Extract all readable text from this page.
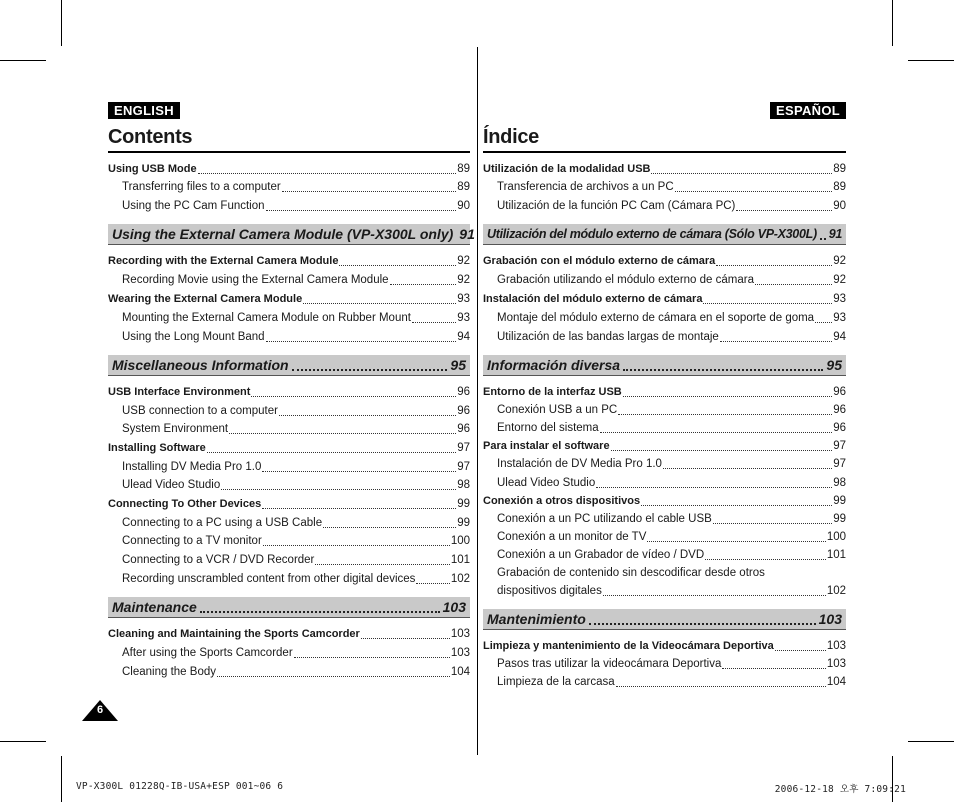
ENGLISH
Contents
Using USB Mode	89
Transferring files to a computer	89
Using the PC Cam Function	90
Using the External Camera Module (VP-X300L only) 91
Recording with the External Camera Module	92
Recording Movie using the External Camera Module	92
Wearing the External Camera Module	93
Mounting the External Camera Module on Rubber Mount	93
Using the Long Mount Band	94
Miscellaneous Information	95
USB Interface Environment	96
USB connection to a computer	96
System Environment	96
Installing Software	97
Installing DV Media Pro 1.0	97
Ulead Video Studio	98
Connecting To Other Devices	99
Connecting to a PC using a USB Cable	99
Connecting to a TV monitor	100
Connecting to a VCR / DVD Recorder	101
Recording unscrambled content from other digital devices	102
Maintenance	103
Cleaning and Maintaining the Sports Camcorder	103
After using the Sports Camcorder	103
Cleaning the Body	104
ESPAÑOL
Índice
Utilización de la modalidad USB	89
Transferencia de archivos a un PC	89
Utilización de la función PC Cam (Cámara PC)	90
Utilización del módulo externo de cámara (Sólo VP-X300L) 91
Grabación con el módulo externo de cámara	92
Grabación utilizando el módulo externo de cámara	92
Instalación del módulo externo de cámara	93
Montaje del módulo externo de cámara en el soporte de goma 93
Utilización de las bandas largas de montaje	94
Información diversa	95
Entorno de la interfaz USB	96
Conexión USB a un PC	96
Entorno del sistema	96
Para instalar el software	97
Instalación de DV Media Pro 1.0	97
Ulead Video Studio	98
Conexión a otros dispositivos	99
Conexión a un PC utilizando el cable USB	99
Conexión a un monitor de TV	100
Conexión a un Grabador de vídeo / DVD	101
Grabación de contenido sin descodificar desde otros
dispositivos digitales	102
Mantenimiento	103
Limpieza y mantenimiento de la Videocámara Deportiva	103
Pasos tras utilizar la videocámara Deportiva	103
Limpieza de la carcasa	104
6
VP-X300L 01228Q-IB-USA+ESP 001~06 6	2006-12-18 오후 7:09:21
